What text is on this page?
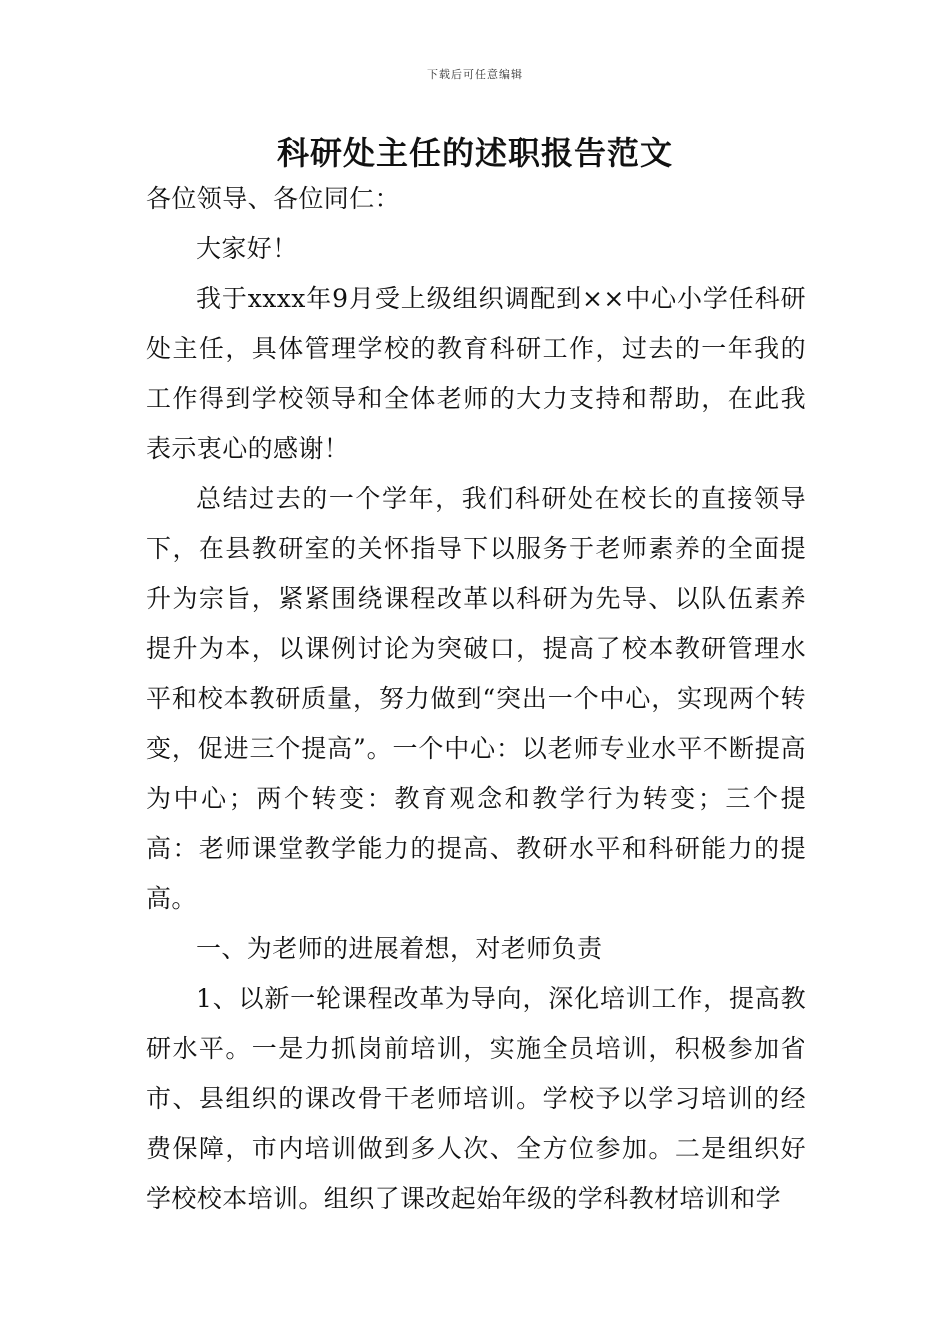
下载后可任意编辑
科研处主任的述职报告范文

各位领导、各位同仁：

大家好！

我于xxxx年9月受上级组织调配到××中心小学任科研处主任，具体管理学校的教育科研工作，过去的一年我的工作得到学校领导和全体老师的大力支持和帮助，在此我表示衷心的感谢！

总结过去的一个学年，我们科研处在校长的直接领导下，在县教研室的关怀指导下以服务于老师素养的全面提升为宗旨，紧紧围绕课程改革以科研为先导、以队伍素养提升为本，以课例讨论为突破口，提高了校本教研管理水平和校本教研质量，努力做到“突出一个中心，实现两个转变，促进三个提高”。一个中心：以老师专业水平不断提高为中心；两个转变：教育观念和教学行为转变；三个提高：老师课堂教学能力的提高、教研水平和科研能力的提高。

一、为老师的进展着想，对老师负责

1、以新一轮课程改革为导向，深化培训工作，提高教研水平。一是力抓岗前培训，实施全员培训，积极参加省市、县组织的课改骨干老师培训。学校予以学习培训的经费保障，市内培训做到多人次、全方位参加。二是组织好学校校本培训。组织了课改起始年级的学科教材培训和学
